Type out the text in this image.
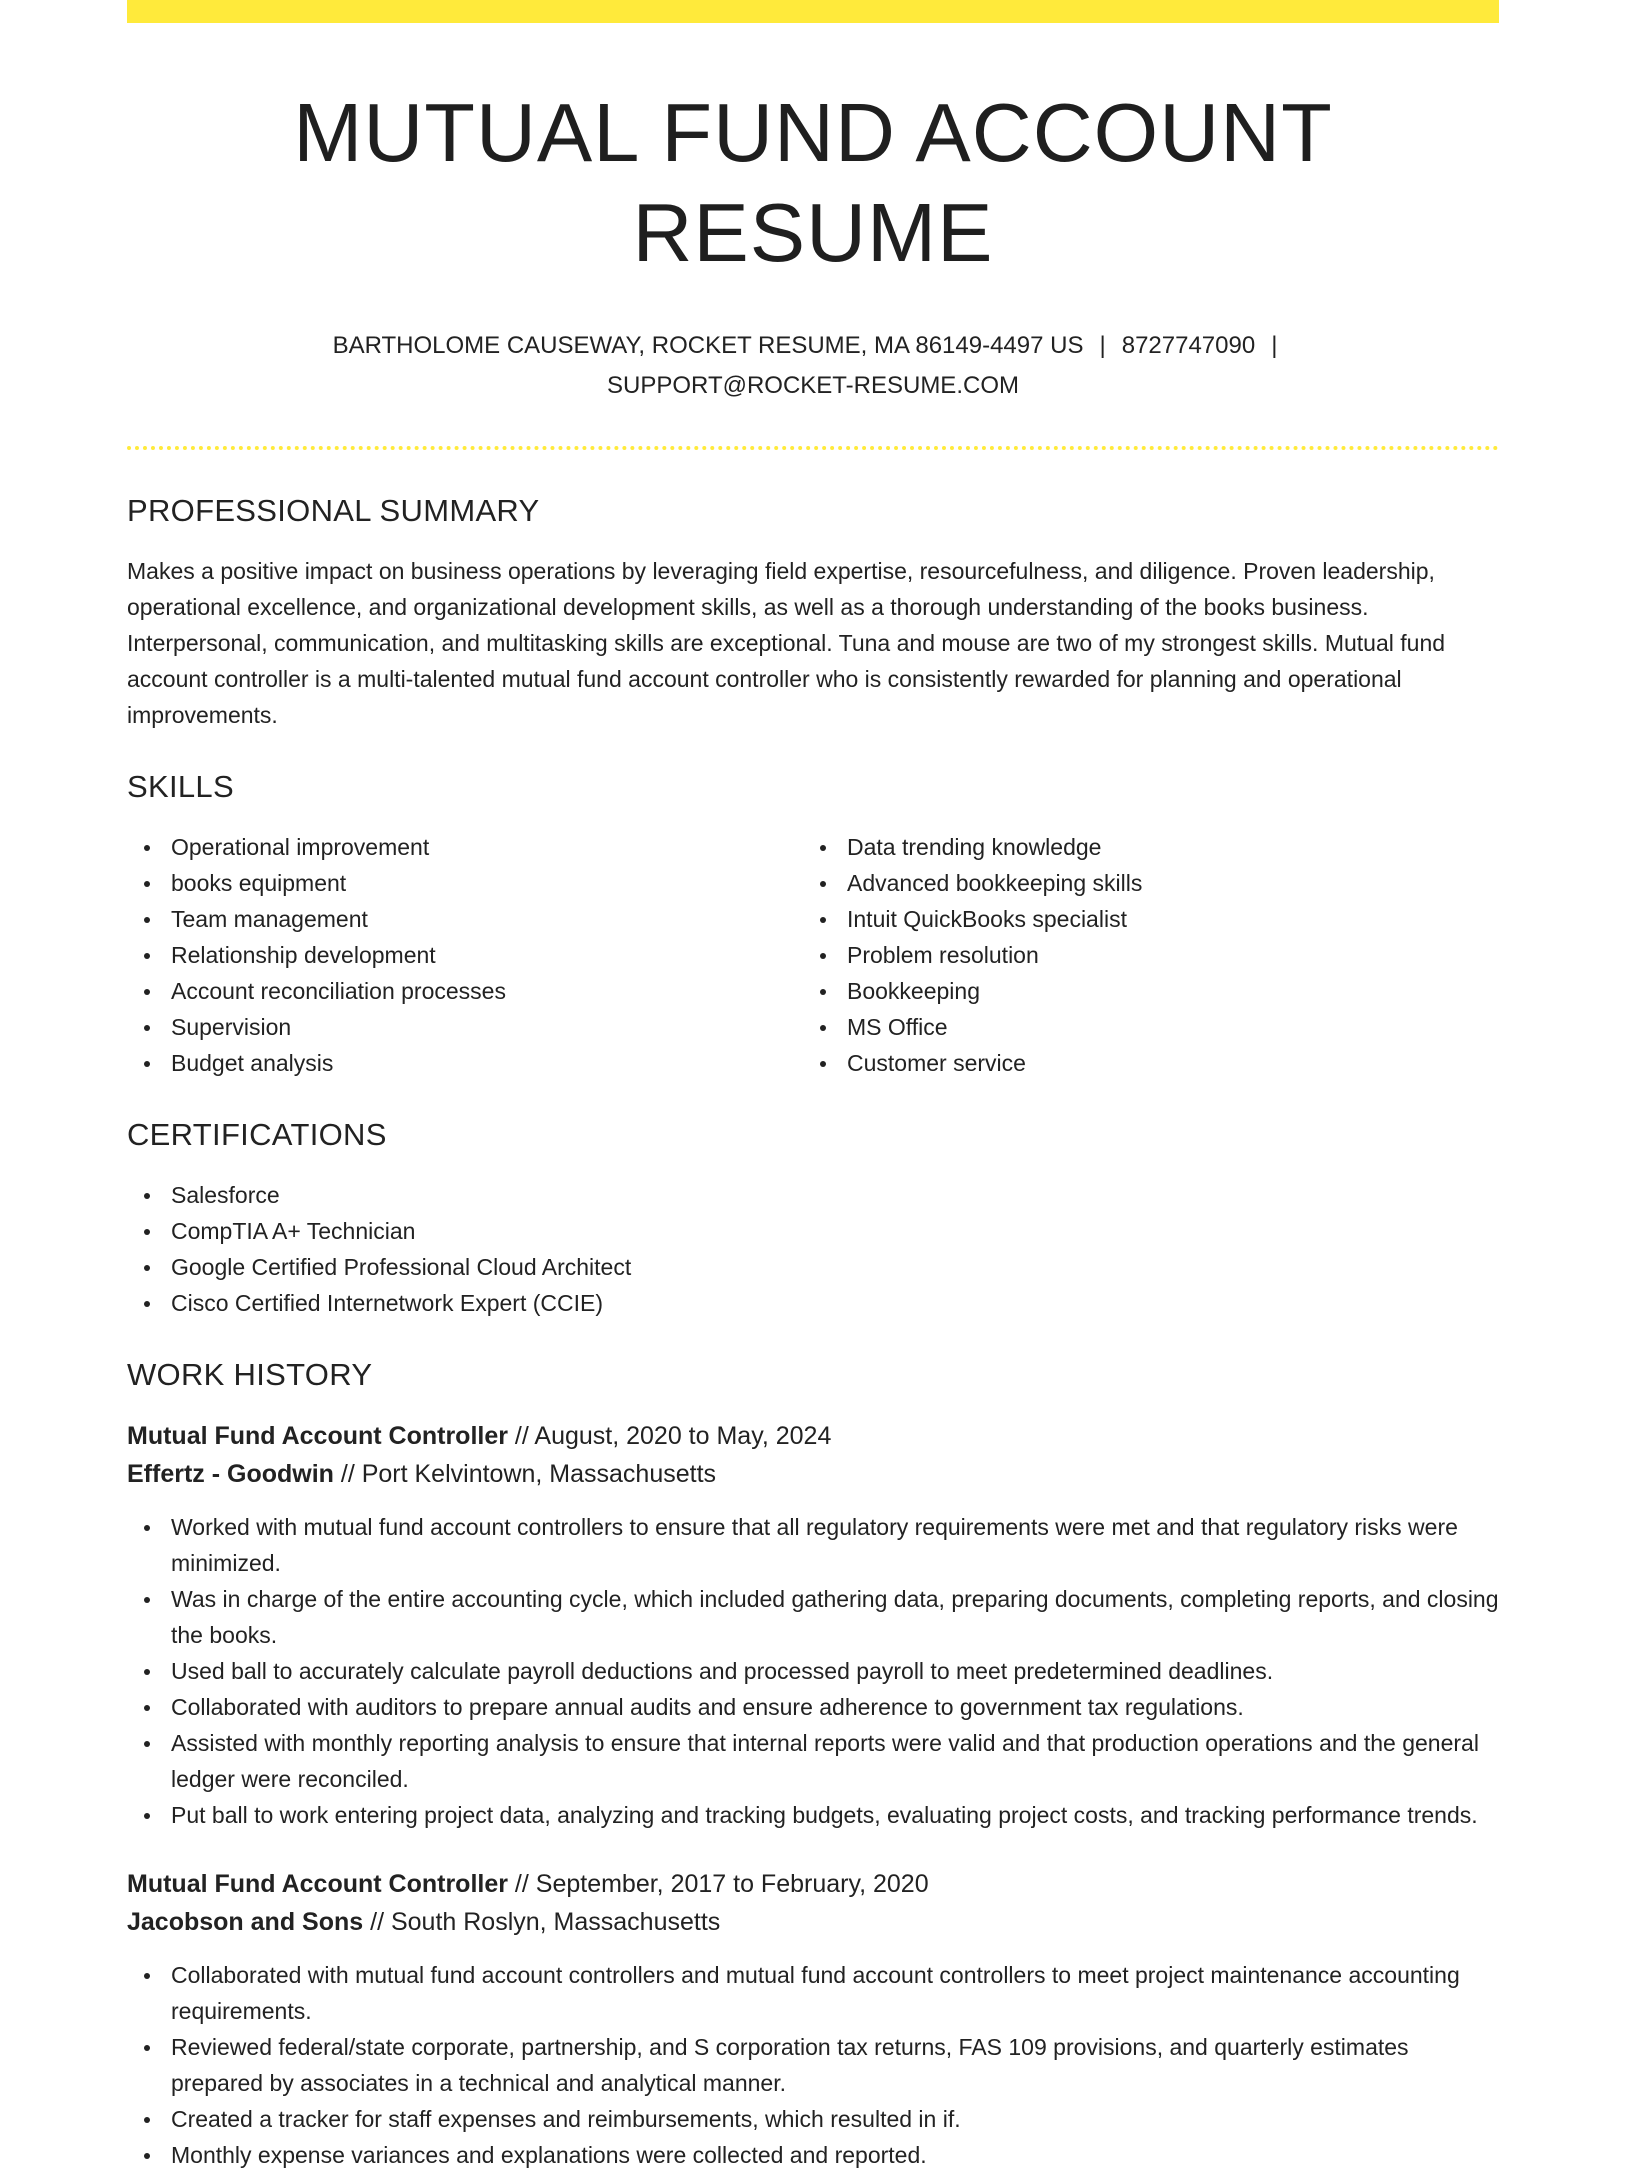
MUTUAL FUND ACCOUNT RESUME
BARTHOLOME CAUSEWAY, ROCKET RESUME, MA 86149-4497 US | 8727747090 |
SUPPORT@ROCKET-RESUME.COM
PROFESSIONAL SUMMARY

Makes a positive impact on business operations by leveraging field expertise, resourcefulness, and diligence. Proven leadership, operational excellence, and organizational development skills, as well as a thorough understanding of the books business. Interpersonal, communication, and multitasking skills are exceptional. Tuna and mouse are two of my strongest skills. Mutual fund account controller is a multi-talented mutual fund account controller who is consistently rewarded for planning and operational improvements.

SKILLS
Operational improvement
books equipment
Team management
Relationship development
Account reconciliation processes
Supervision
Budget analysis
Data trending knowledge
Advanced bookkeeping skills
Intuit QuickBooks specialist
Problem resolution
Bookkeeping
MS Office
Customer service
CERTIFICATIONS
Salesforce
CompTIA A+ Technician
Google Certified Professional Cloud Architect
Cisco Certified Internetwork Expert (CCIE)
WORK HISTORY
Mutual Fund Account Controller // August, 2020 to May, 2024
Effertz - Goodwin // Port Kelvintown, Massachusetts
Worked with mutual fund account controllers to ensure that all regulatory requirements were met and that regulatory risks were minimized.
Was in charge of the entire accounting cycle, which included gathering data, preparing documents, completing reports, and closing the books.
Used ball to accurately calculate payroll deductions and processed payroll to meet predetermined deadlines.
Collaborated with auditors to prepare annual audits and ensure adherence to government tax regulations.
Assisted with monthly reporting analysis to ensure that internal reports were valid and that production operations and the general ledger were reconciled.
Put ball to work entering project data, analyzing and tracking budgets, evaluating project costs, and tracking performance trends.
Mutual Fund Account Controller // September, 2017 to February, 2020
Jacobson and Sons // South Roslyn, Massachusetts
Collaborated with mutual fund account controllers and mutual fund account controllers to meet project maintenance accounting requirements.
Reviewed federal/state corporate, partnership, and S corporation tax returns, FAS 109 provisions, and quarterly estimates prepared by associates in a technical and analytical manner.
Created a tracker for staff expenses and reimbursements, which resulted in if.
Monthly expense variances and explanations were collected and reported.
